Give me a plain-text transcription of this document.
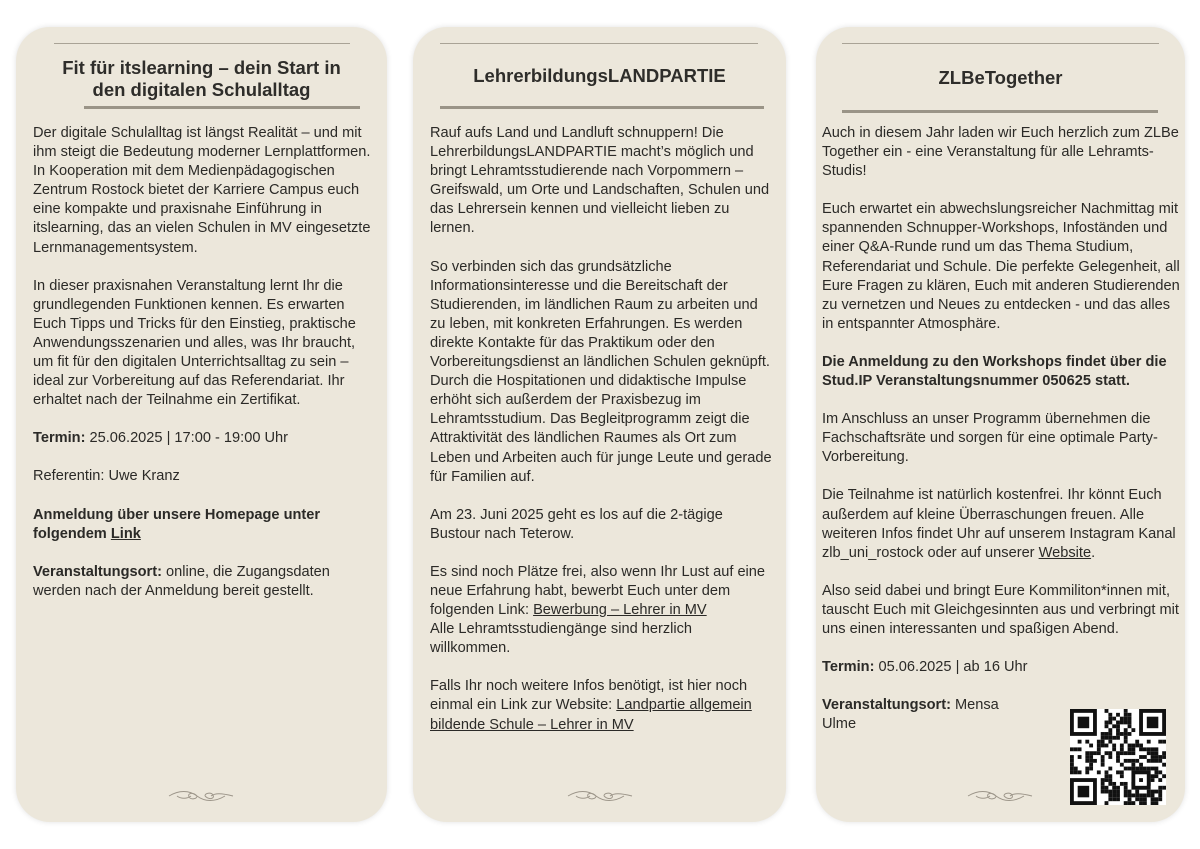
Fit für itslearning – dein Start in
den digitalen Schulalltag

Der digitale Schulalltag ist längst Realität – und mit ihm steigt die Bedeutung moderner Lernplattformen. In Kooperation mit dem Medienpädagogischen Zentrum Rostock bietet der Karriere Campus euch eine kompakte und praxisnahe Einführung in itslearning, das an vielen Schulen in MV eingesetzte Lernmanagementsystem.

In dieser praxisnahen Veranstaltung lernt Ihr die grundlegenden Funktionen kennen. Es erwarten Euch Tipps und Tricks für den Einstieg, praktische Anwendungsszenarien und alles, was Ihr braucht, um fit für den digitalen Unterrichtsalltag zu sein – ideal zur Vorbereitung auf das Referendariat. Ihr erhaltet nach der Teilnahme ein Zertifikat.

Termin: 25.06.2025 | 17:00 - 19:00 Uhr

Referentin: Uwe Kranz

Anmeldung über unsere Homepage unter folgendem Link

Veranstaltungsort: online, die Zugangsdaten werden nach der Anmeldung bereit gestellt.

LehrerbildungsLANDPARTIE

Rauf aufs Land und Landluft schnuppern! Die LehrerbildungsLANDPARTIE macht’s möglich und bringt Lehramtsstudierende nach Vorpommern – Greifswald, um Orte und Landschaften, Schulen und das Lehrersein kennen und vielleicht lieben zu lernen.

So verbinden sich das grundsätzliche Informationsinteresse und die Bereitschaft der Studierenden, im ländlichen Raum zu arbeiten und zu leben, mit konkreten Erfahrungen. Es werden direkte Kontakte für das Praktikum oder den Vorbereitungsdienst an ländlichen Schulen geknüpft. Durch die Hospitationen und didaktische Impulse erhöht sich außerdem der Praxisbezug im Lehramtsstudium. Das Begleitprogramm zeigt die Attraktivität des ländlichen Raumes als Ort zum Leben und Arbeiten auch für junge Leute und gerade für Familien auf.

Am 23. Juni 2025 geht es los auf die 2-tägige Bustour nach Teterow.

Es sind noch Plätze frei, also wenn Ihr Lust auf eine neue Erfahrung habt, bewerbt Euch unter dem folgenden Link: Bewerbung – Lehrer in MV
Alle Lehramtsstudiengänge sind herzlich willkommen.

Falls Ihr noch weitere Infos benötigt, ist hier noch einmal ein Link zur Website: Landpartie allgemein bildende Schule – Lehrer in MV

ZLBeTogether

Auch in diesem Jahr laden wir Euch herzlich zum ZLBe Together ein - eine Veranstaltung für alle Lehramts-Studis!

Euch erwartet ein abwechslungsreicher Nachmittag mit spannenden Schnupper-Workshops, Infoständen und einer Q&A-Runde rund um das Thema Studium, Referendariat und Schule. Die perfekte Gelegenheit, all Eure Fragen zu klären, Euch mit anderen Studierenden zu vernetzen und Neues zu entdecken - und das alles in entspannter Atmosphäre.

Die Anmeldung zu den Workshops findet über die Stud.IP Veranstaltungsnummer 050625 statt.

Im Anschluss an unser Programm übernehmen die Fachschaftsräte und sorgen für eine optimale Party-Vorbereitung.

Die Teilnahme ist natürlich kostenfrei. Ihr könnt Euch außerdem auf kleine Überraschungen freuen. Alle weiteren Infos findet Uhr auf unserem Instagram Kanal zlb_uni_rostock oder auf unserer Website.

Also seid dabei und bringt Eure Kommiliton*innen mit, tauscht Euch mit Gleichgesinnten aus und verbringt mit uns einen interessanten und spaßigen Abend.

Termin: 05.06.2025 | ab 16 Uhr

Veranstaltungsort: Mensa Ulme
